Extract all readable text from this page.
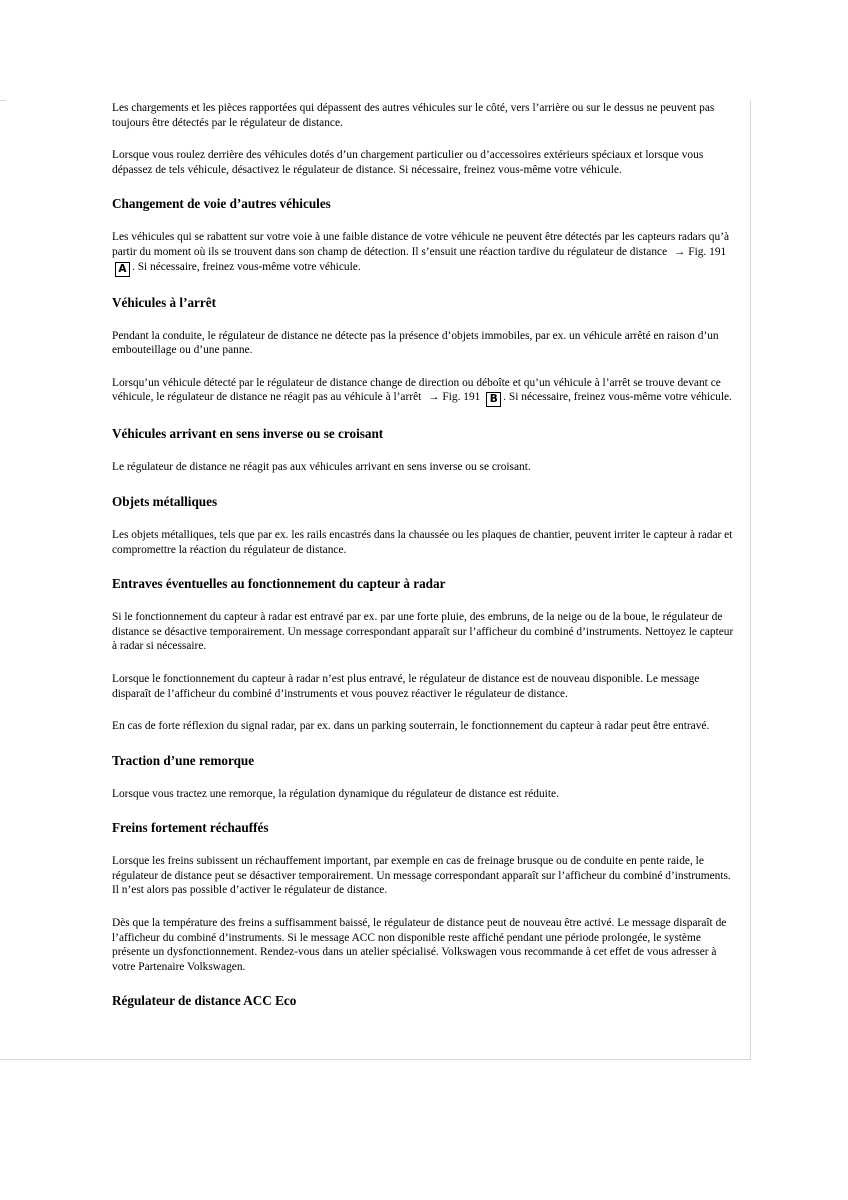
Les chargements et les pièces rapportées qui dépassent des autres véhicules sur le côté, vers l’arrière ou sur le dessus ne peuvent pas toujours être détectés par le régulateur de distance.

Lorsque vous roulez derrière des véhicules dotés d’un chargement particulier ou d’accessoires extérieurs spéciaux et lorsque vous dépassez de tels véhicule, désactivez le régulateur de distance. Si nécessaire, freinez vous-même votre véhicule.

Changement de voie d’autres véhicules

Les véhicules qui se rabattent sur votre voie à une faible distance de votre véhicule ne peuvent être détectés par les capteurs radars qu’à partir du moment où ils se trouvent dans son champ de détection. Il s’ensuit une réaction tardive du régulateur de distance → Fig. 191 A . Si nécessaire, freinez vous-même votre véhicule.

Véhicules à l’arrêt

Pendant la conduite, le régulateur de distance ne détecte pas la présence d’objets immobiles, par ex. un véhicule arrêté en raison d’un embouteillage ou d’une panne.

Lorsqu’un véhicule détecté par le régulateur de distance change de direction ou déboîte et qu’un véhicule à l’arrêt se trouve devant ce véhicule, le régulateur de distance ne réagit pas au véhicule à l’arrêt → Fig. 191 B . Si nécessaire, freinez vous-même votre véhicule.

Véhicules arrivant en sens inverse ou se croisant

Le régulateur de distance ne réagit pas aux véhicules arrivant en sens inverse ou se croisant.

Objets métalliques

Les objets métalliques, tels que par ex. les rails encastrés dans la chaussée ou les plaques de chantier, peuvent irriter le capteur à radar et compromettre la réaction du régulateur de distance.

Entraves éventuelles au fonctionnement du capteur à radar

Si le fonctionnement du capteur à radar est entravé par ex. par une forte pluie, des embruns, de la neige ou de la boue, le régulateur de distance se désactive temporairement. Un message correspondant apparaît sur l’afficheur du combiné d’instruments. Nettoyez le capteur à radar si nécessaire.

Lorsque le fonctionnement du capteur à radar n’est plus entravé, le régulateur de distance est de nouveau disponible. Le message disparaît de l’afficheur du combiné d’instruments et vous pouvez réactiver le régulateur de distance.

En cas de forte réflexion du signal radar, par ex. dans un parking souterrain, le fonctionnement du capteur à radar peut être entravé.

Traction d’une remorque

Lorsque vous tractez une remorque, la régulation dynamique du régulateur de distance est réduite.

Freins fortement réchauffés

Lorsque les freins subissent un réchauffement important, par exemple en cas de freinage brusque ou de conduite en pente raide, le régulateur de distance peut se désactiver temporairement. Un message correspondant apparaît sur l’afficheur du combiné d’instruments. Il n’est alors pas possible d’activer le régulateur de distance.

Dès que la température des freins a suffisamment baissé, le régulateur de distance peut de nouveau être activé. Le message disparaît de l’afficheur du combiné d’instruments. Si le message ACC non disponible reste affiché pendant une période prolongée, le système présente un dysfonctionnement. Rendez-vous dans un atelier spécialisé. Volkswagen vous recommande à cet effet de vous adresser à votre Partenaire Volkswagen.

Régulateur de distance ACC Eco
